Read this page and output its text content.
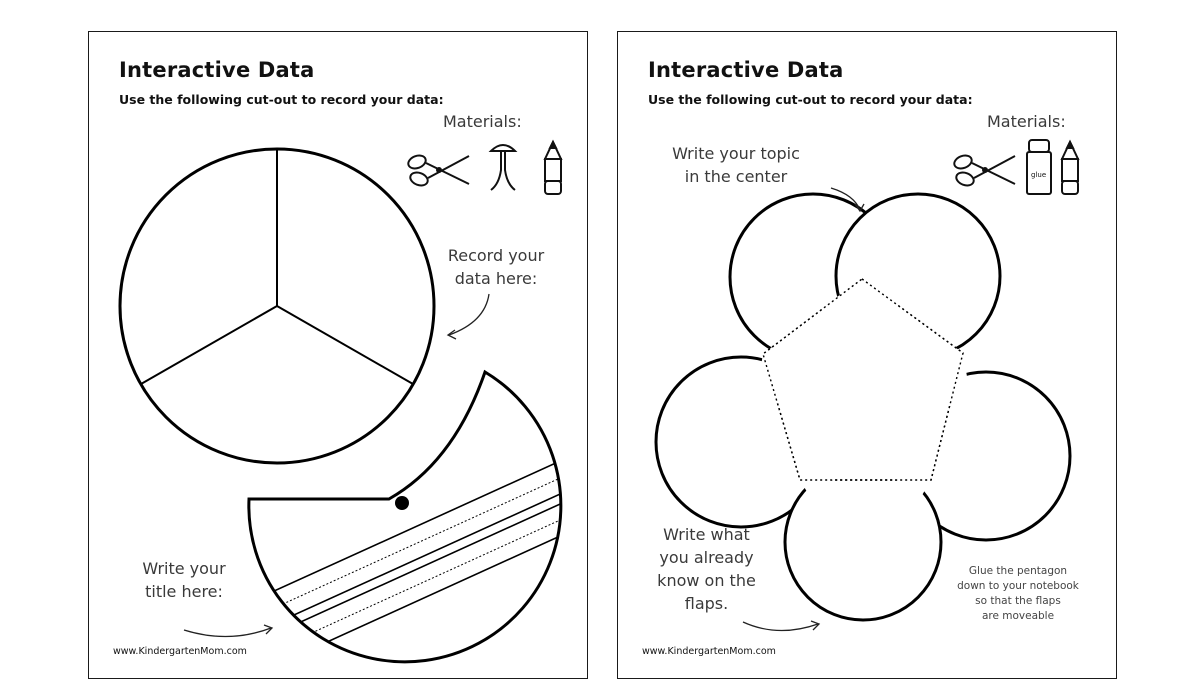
Interactive Data
Use the following cut-out to record your data:
Materials:
Record your
data here:
Write your
title here:
www.KindergartenMom.com
Interactive Data
Use the following cut-out to record your data:
Materials:
Write your topic
in the center
Write what
you already
know on the
flaps.
Glue the pentagon
down to your notebook
so that the flaps
are moveable
www.KindergartenMom.com
glue
